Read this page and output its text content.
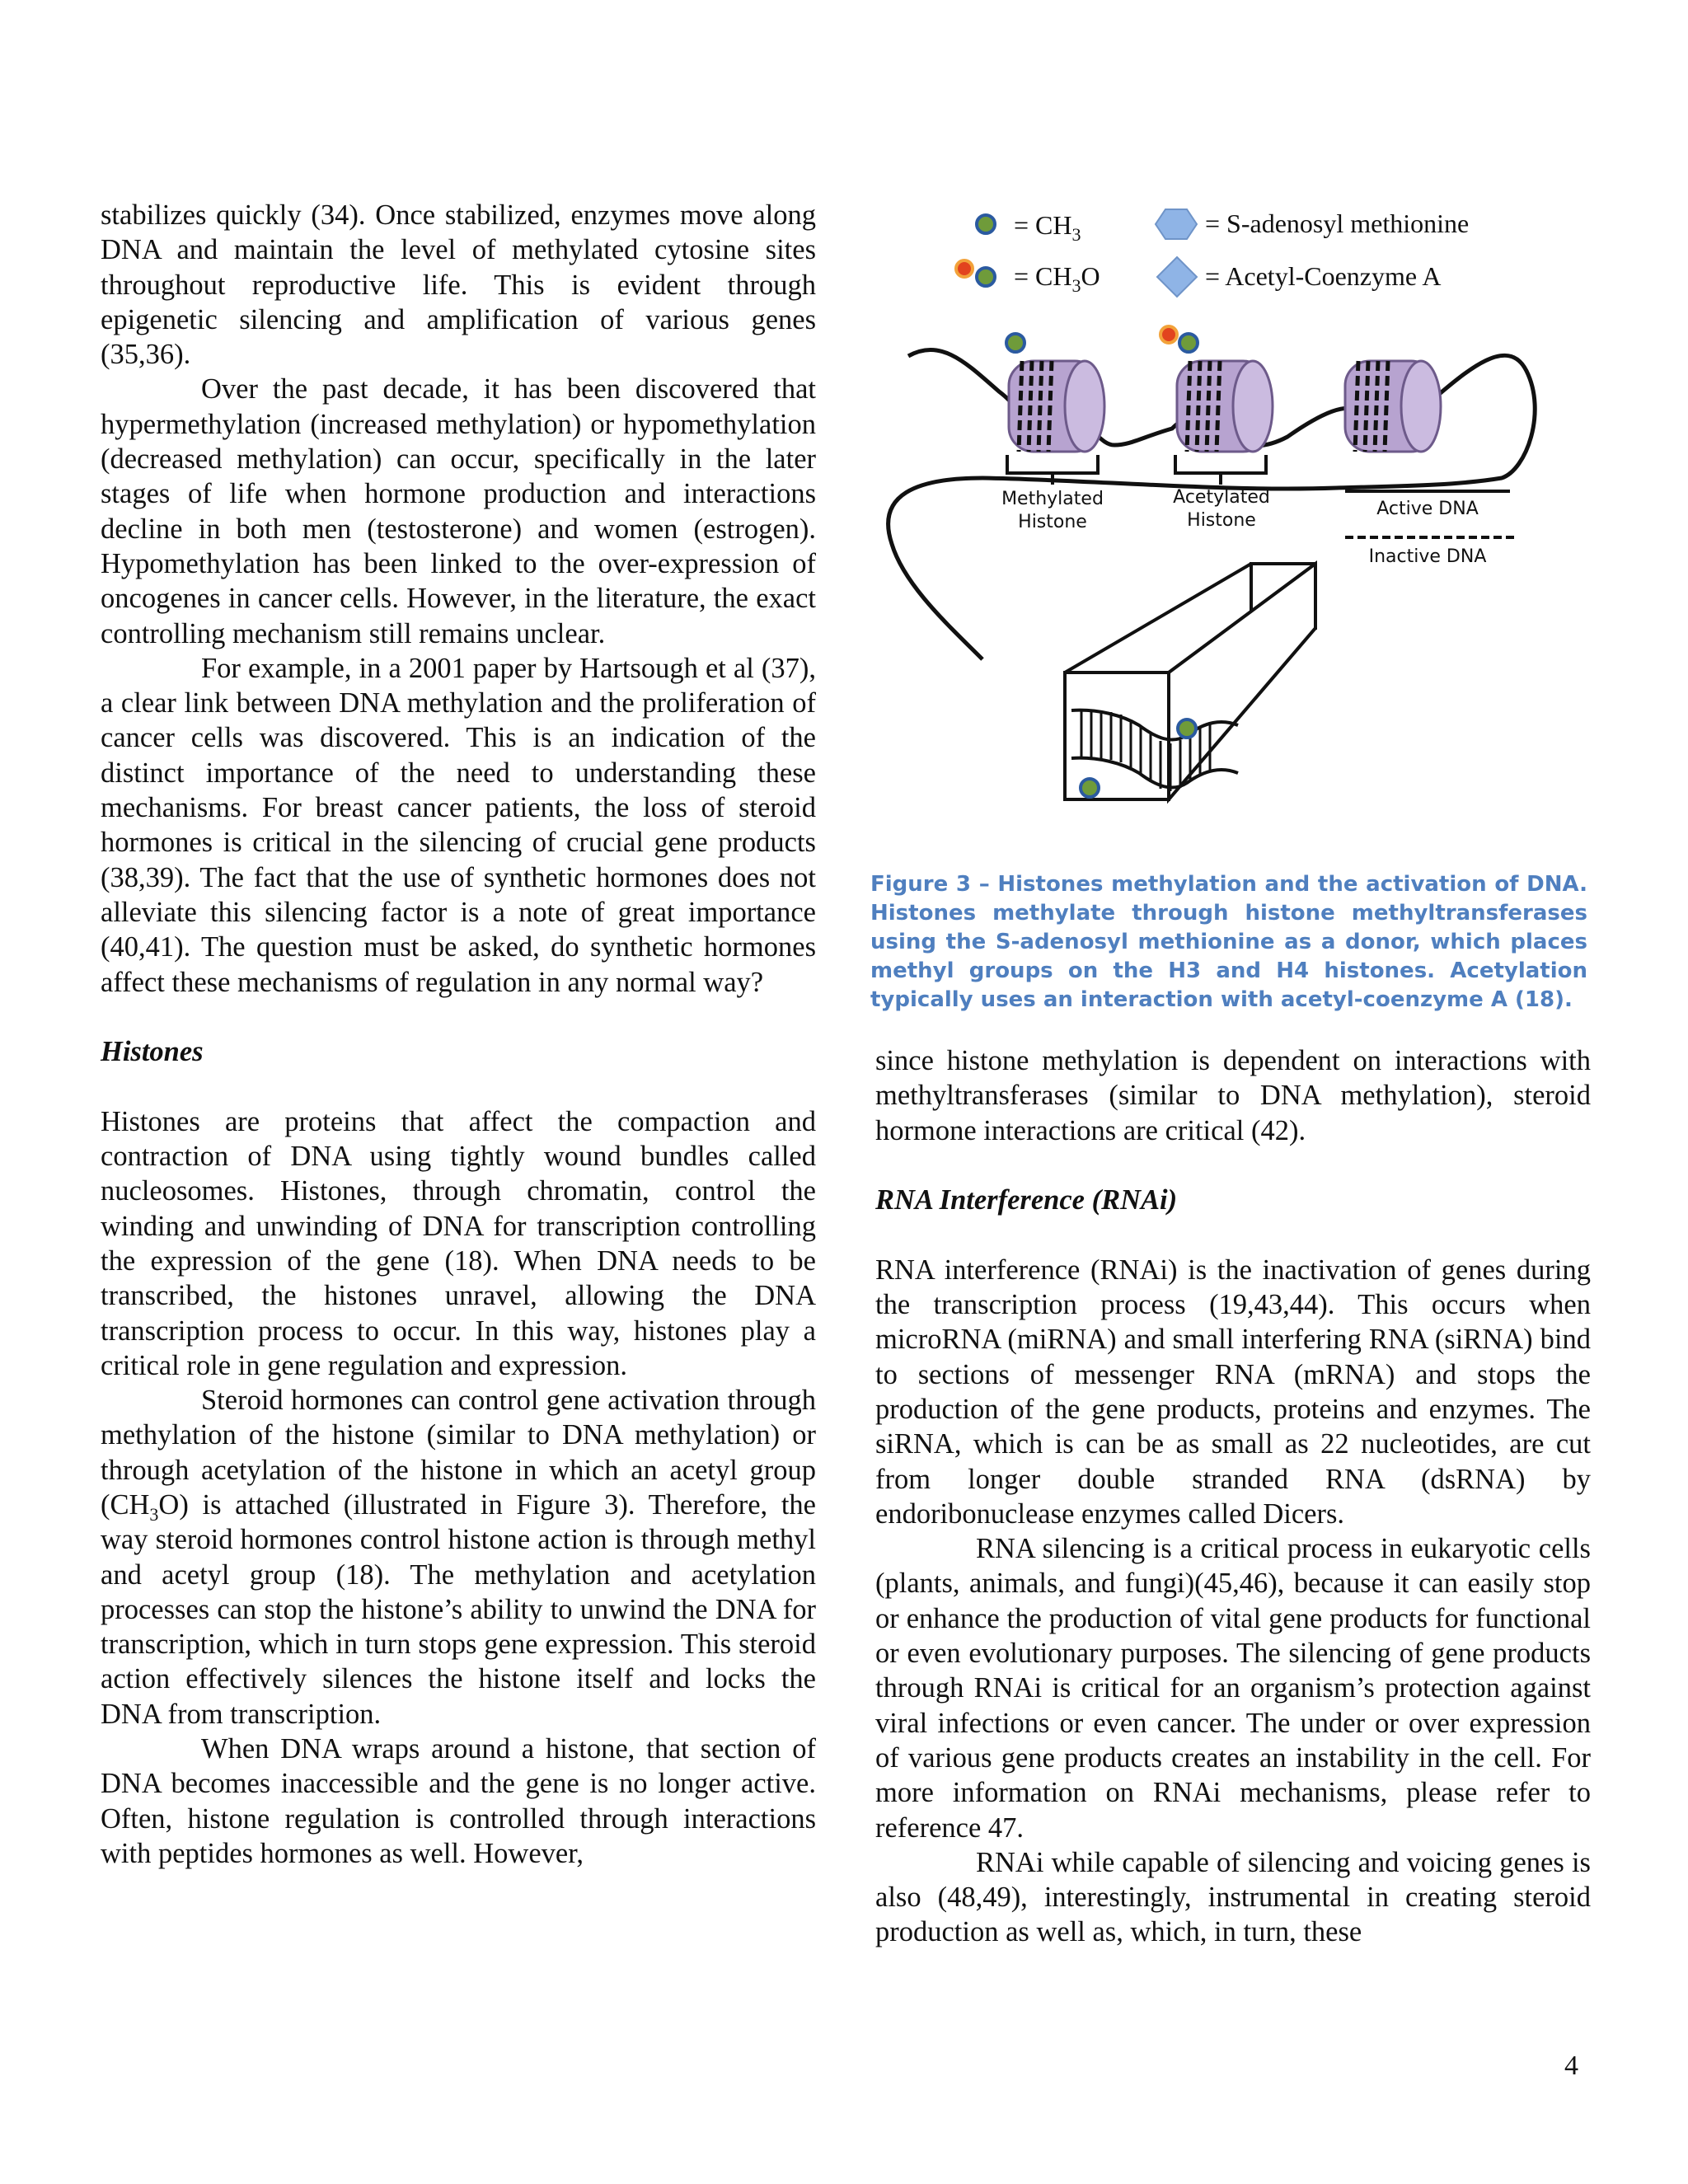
stabilizes quickly (34). Once stabilized, enzymes move along DNA and maintain the level of methylated cytosine sites throughout reproductive life. This is evident through epigenetic silencing and amplification of various genes (35,36).

Over the past decade, it has been discovered that hypermethylation (increased methylation) or hypomethylation (decreased methylation) can occur, specifically in the later stages of life when hormone production and interactions decline in both men (testosterone) and women (estrogen). Hypomethylation has been linked to the over-expression of oncogenes in cancer cells. However, in the literature, the exact controlling mechanism still remains unclear.

For example, in a 2001 paper by Hartsough et al (37), a clear link between DNA methylation and the proliferation of cancer cells was discovered. This is an indication of the distinct importance of the need to understanding these mechanisms. For breast cancer patients, the loss of steroid hormones is critical in the silencing of crucial gene products (38,39). The fact that the use of synthetic hormones does not alleviate this silencing factor is a note of great importance (40,41). The question must be asked, do synthetic hormones affect these mechanisms of regulation in any normal way?

Histones

Histones are proteins that affect the compaction and contraction of DNA using tightly wound bundles called nucleosomes. Histones, through chromatin, control the winding and unwinding of DNA for transcription controlling the expression of the gene (18). When DNA needs to be transcribed, the histones unravel, allowing the DNA transcription process to occur. In this way, histones play a critical role in gene regulation and expression.

Steroid hormones can control gene activation through methylation of the histone (similar to DNA methylation) or through acetylation of the histone in which an acetyl group $(CH_3O)$ is attached (illustrated in Figure 3). Therefore, the way steroid hormones control histone action is through methyl and acetyl group (18). The methylation and acetylation processes can stop the histone’s ability to unwind the DNA for transcription, which in turn stops gene expression. This steroid action effectively silences the histone itself and locks the DNA from transcription.

When DNA wraps around a histone, that section of DNA becomes inaccessible and the gene is no longer active. Often, histone regulation is controlled through interactions with peptides hormones as well. However,

= $CH_3$
= $CH_3O$
= S-adenosyl methionine
= Acetyl-Coenzyme A
Methylated
Histone
Acetylated
Histone
Active DNA
Inactive DNA
Figure 3 – Histones methylation and the activation of DNA. Histones methylate through histone methyltransferases using the S-adenosyl methionine as a donor, which places methyl groups on the H3 and H4 histones. Acetylation typically uses an interaction with acetyl-coenzyme A (18).

since histone methylation is dependent on interactions with methyltransferases (similar to DNA methylation), steroid hormone interactions are critical (42).

RNA Interference (RNAi)

RNA interference (RNAi) is the inactivation of genes during the transcription process (19,43,44). This occurs when microRNA (miRNA) and small interfering RNA (siRNA) bind to sections of messenger RNA (mRNA) and stops the production of the gene products, proteins and enzymes. The siRNA, which is can be as small as 22 nucleotides, are cut from longer double stranded RNA (dsRNA) by endoribonuclease enzymes called Dicers.

RNA silencing is a critical process in eukaryotic cells (plants, animals, and fungi)(45,46), because it can easily stop or enhance the production of vital gene products for functional or even evolutionary purposes. The silencing of gene products through RNAi is critical for an organism’s protection against viral infections or even cancer. The under or over expression of various gene products creates an instability in the cell. For more information on RNAi mechanisms, please refer to reference 47.

RNAi while capable of silencing and voicing genes is also (48,49), interestingly, instrumental in creating steroid production as well as, which, in turn, these

4
